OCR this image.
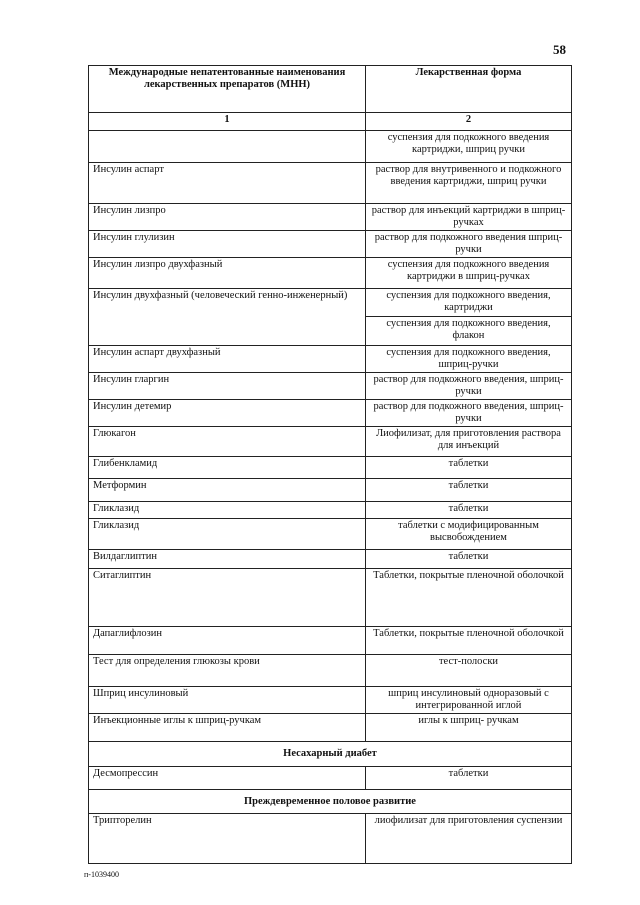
58
Международные непатентованные наименования лекарственных препаратов (МНН)	Лекарственная форма
1	2
	суспензия для подкожного введения картриджи, шприц ручки
Инсулин аспарт	раствор для внутривенного и подкожного введения картриджи, шприц ручки
Инсулин лизпро	раствор для инъекций картриджи в шприц-ручках
Инсулин глулизин	раствор для подкожного введения шприц-ручки
Инсулин лизпро двухфазный	суспензия для подкожного введения картриджи в шприц-ручках
Инсулин двухфазный (человеческий генно-инженерный)	суспензия для подкожного введения, картриджи
	суспензия для подкожного введения, флакон
Инсулин аспарт двухфазный	суспензия для подкожного введения, шприц-ручки
Инсулин гларгин	раствор для подкожного введения, шприц-ручки
Инсулин детемир	раствор для подкожного введения, шприц-ручки
Глюкагон	Лиофилизат, для приготовления раствора для инъекций
Глибенкламид	таблетки
Метформин	таблетки
Гликлазид	таблетки
Гликлазид	таблетки с модифицированным высвобождением
Вилдаглиптин	таблетки
Ситаглиптин	Таблетки, покрытые пленочной оболочкой
Дапаглифлозин	Таблетки, покрытые пленочной оболочкой
Тест для определения глюкозы крови	тест-полоски
Шприц инсулиновый	шприц инсулиновый одноразовый с интегрированной иглой
Инъекционные иглы к шприц-ручкам	иглы к шприц- ручкам
Несахарный диабет	
Десмопрессин	таблетки
Преждевременное половое развитие	
Трипторелин	лиофилизат для приготовления суспензии
п-1039400
